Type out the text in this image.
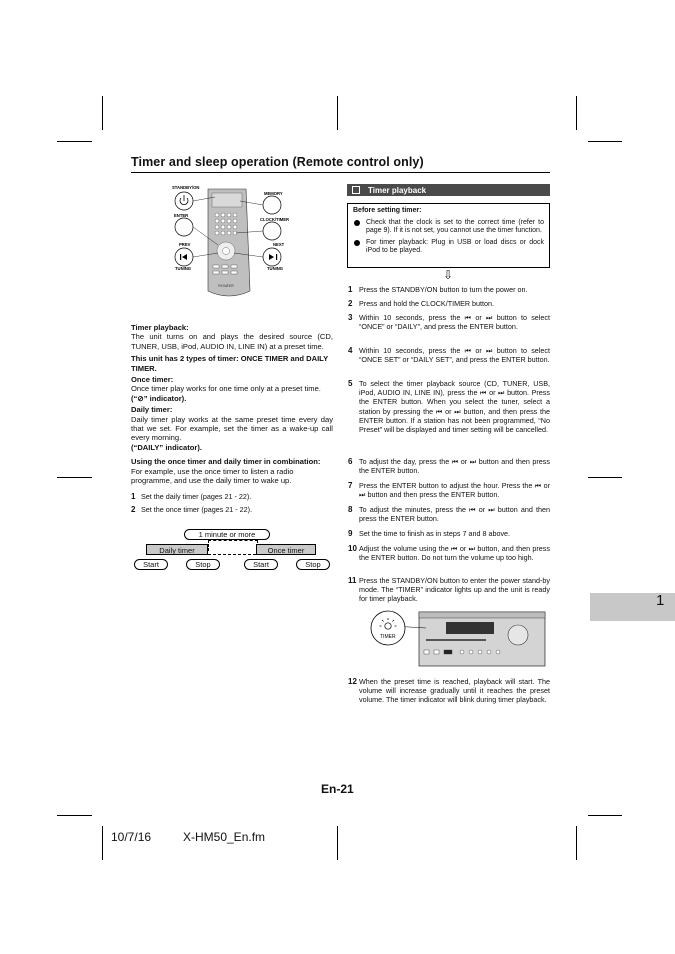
Timer and sleep operation (Remote control only)
STANDBY/ON
MEMORY
ENTER
CLOCK/TIMER
PREV	NEXT
TUNING	TUNING
PIONEER

Timer playback:
The unit turns on and plays the desired source (CD, TUNER, USB, iPod, AUDIO IN, LINE IN) at a preset time.

This unit has 2 types of timer: ONCE TIMER and DAILY TIMER.

Once timer:
Once timer play works for one time only at a preset time.
(“⊘” indicator).

Daily timer:
Daily timer play works at the same preset time every day that we set. For example, set the timer as a wake-up call every morning.
(“DAILY” indicator).

Using the once timer and daily timer in combination:
For example, use the once timer to listen a radio programme, and use the daily timer to wake up.

1 Set the daily timer (pages 21 - 22).
2 Set the once timer (pages 21 - 22).
1 minute or more
Daily timer	Once timer
Start	Stop	Start	Stop
Timer playback
Before setting timer:
Check that the clock is set to the correct time (refer to page 9). If it is not set, you cannot use the timer function.
For timer playback: Plug in USB or load discs or dock iPod to be played.
⇩
1 Press the STANDBY/ON button to turn the power on.
2 Press and hold the CLOCK/TIMER button.
3 Within 10 seconds, press the ⏮ or ⏭ button to select “ONCE” or “DAILY”, and press the ENTER button.
4 Within 10 seconds, press the ⏮ or ⏭ button to select “ONCE SET” or “DAILY SET”, and press the ENTER button.
5 To select the timer playback source (CD, TUNER, USB, iPod, AUDIO IN, LINE IN), press the ⏮ or ⏭ button. Press the ENTER button. When you select the tuner, select a station by pressing the ⏮ or ⏭ button, and then press the ENTER button. If a station has not been programmed, “No Preset” will be displayed and timer setting will be cancelled.
6 To adjust the day, press the ⏮ or ⏭ button and then press the ENTER button.
7 Press the ENTER button to adjust the hour. Press the ⏮ or ⏭ button and then press the ENTER button.
8 To adjust the minutes, press the ⏮ or ⏭ button and then press the ENTER button.
9 Set the time to finish as in steps 7 and 8 above.
10 Adjust the volume using the ⏮ or ⏭ button, and then press the ENTER button. Do not turn the volume up too high.
11 Press the STANDBY/ON button to enter the power stand-by mode. The “TIMER” indicator lights up and the unit is ready for timer playback.
12 When the preset time is reached, playback will start. The volume will increase gradually until it reaches the preset volume. The timer indicator will blink during timer playback.
TIMER
1
En-21
10/7/16	X-HM50_En.fm
